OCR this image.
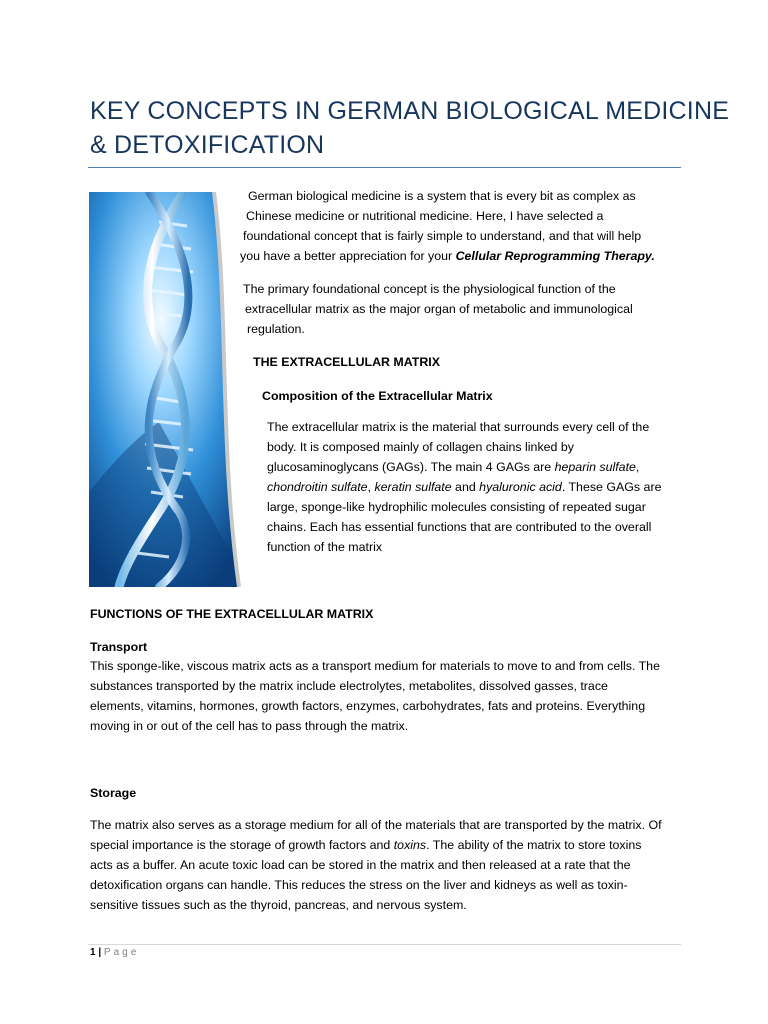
KEY CONCEPTS IN GERMAN BIOLOGICAL MEDICINE
& DETOXIFICATION

German biological medicine is a system that is every bit as complex as
Chinese medicine or nutritional medicine. Here, I have selected a
foundational concept that is fairly simple to understand, and that will help
you have a better appreciation for your Cellular Reprogramming Therapy.

The primary foundational concept is the physiological function of the
extracellular matrix as the major organ of metabolic and immunological
regulation.

THE EXTRACELLULAR MATRIX

Composition of the Extracellular Matrix

The extracellular matrix is the material that surrounds every cell of the
body. It is composed mainly of collagen chains linked by
glucosaminoglycans (GAGs). The main 4 GAGs are heparin sulfate,
chondroitin sulfate, keratin sulfate and hyaluronic acid. These GAGs are
large, sponge-like hydrophilic molecules consisting of repeated sugar
chains. Each has essential functions that are contributed to the overall
function of the matrix

FUNCTIONS OF THE EXTRACELLULAR MATRIX

Transport

This sponge-like, viscous matrix acts as a transport medium for materials to move to and from cells. The
substances transported by the matrix include electrolytes, metabolites, dissolved gasses, trace
elements, vitamins, hormones, growth factors, enzymes, carbohydrates, fats and proteins. Everything
moving in or out of the cell has to pass through the matrix.

Storage

The matrix also serves as a storage medium for all of the materials that are transported by the matrix. Of
special importance is the storage of growth factors and toxins. The ability of the matrix to store toxins
acts as a buffer. An acute toxic load can be stored in the matrix and then released at a rate that the
detoxification organs can handle. This reduces the stress on the liver and kidneys as well as toxin-
sensitive tissues such as the thyroid, pancreas, and nervous system.

1 | Page
